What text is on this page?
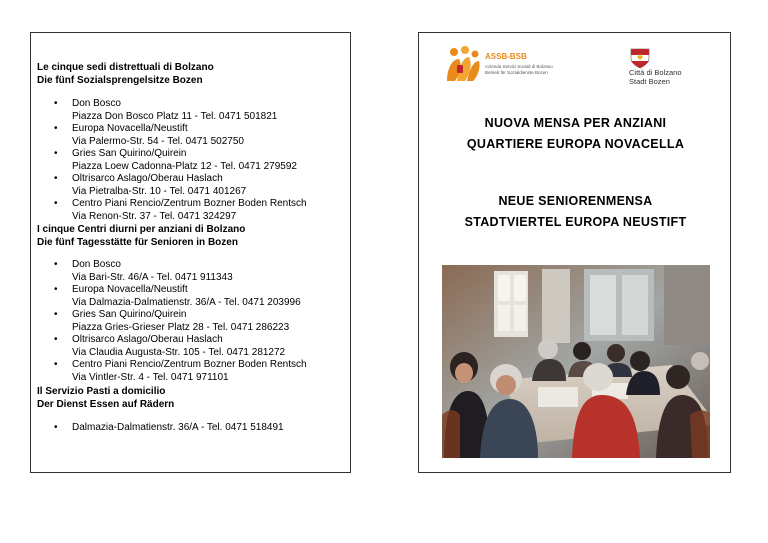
Le cinque sedi distrettuali di Bolzano

Die fünf Sozialsprengelsitze Bozen

• Don Bosco
Piazza Don Bosco Platz 11 - Tel. 0471 501821
• Europa Novacella/Neustift
Via Palermo-Str. 54 - Tel. 0471 502750
• Gries San Quirino/Quirein
Piazza Loew Cadonna-Platz 12 - Tel. 0471 279592
• Oltrisarco Aslago/Oberau Haslach
Via Pietralba-Str. 10 - Tel. 0471 401267
• Centro Piani Rencio/Zentrum Bozner Boden Rentsch
Via Renon-Str. 37 - Tel. 0471 324297

I cinque Centri diurni per anziani di Bolzano

Die fünf Tagesstätte für Senioren in Bozen

• Don Bosco
Via Bari-Str. 46/A - Tel. 0471 911343
• Europa Novacella/Neustift
Via Dalmazia-Dalmatienstr. 36/A - Tel. 0471 203996
• Gries San Quirino/Quirein
Piazza Gries-Grieser Platz 28 - Tel. 0471 286223
• Oltrisarco Aslago/Oberau Haslach
Via Claudia Augusta-Str. 105 - Tel. 0471 281272
• Centro Piani Rencio/Zentrum Bozner Boden Rentsch
Via Vintler-Str. 4 - Tel. 0471 971101

Il Servizio Pasti a domicilio

Der Dienst Essen auf Rädern

• Dalmazia-Dalmatienstr. 36/A - Tel. 0471 518491
ASSB-BSB
Azienda Servizi Sociali di Bolzano
Betrieb für Sozialdienste Bozen	Città di Bolzano
Stadt Bozen
NUOVA MENSA PER ANZIANI
QUARTIERE EUROPA NOVACELLA
NEUE SENIORENMENSA
STADTVIERTEL EUROPA NEUSTIFT
